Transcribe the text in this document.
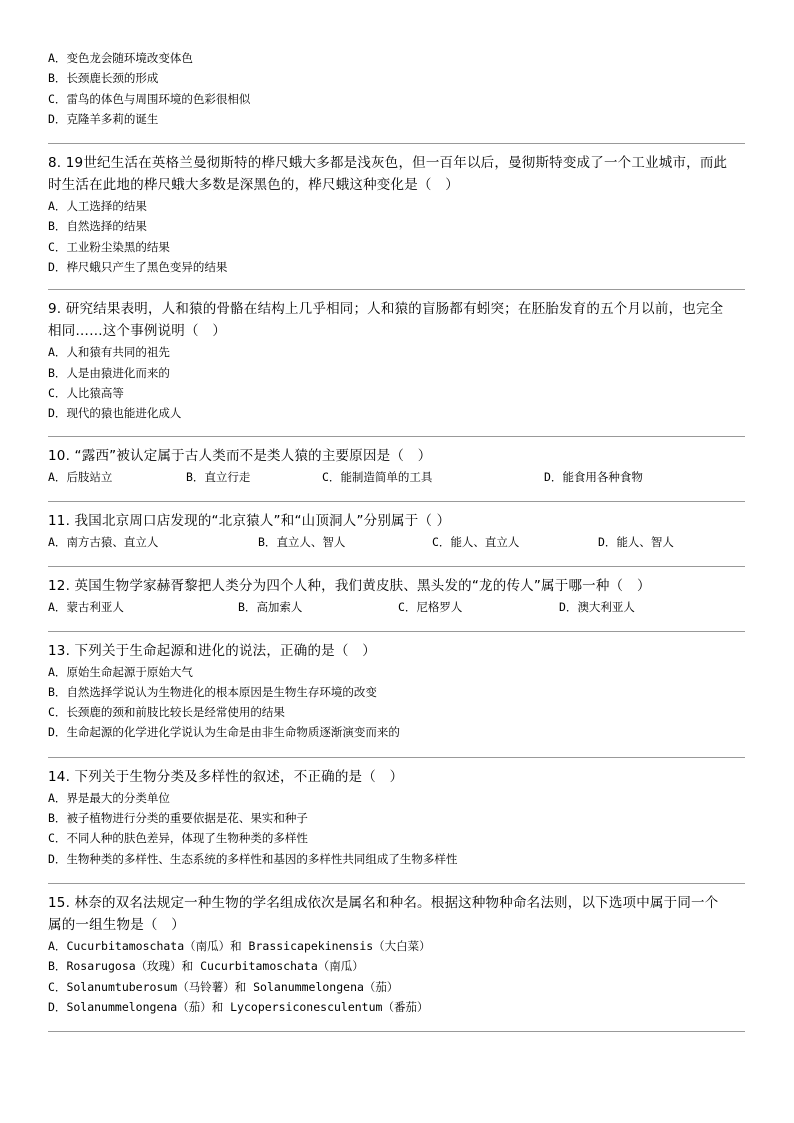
A．变色龙会随环境改变体色
B．长颈鹿长颈的形成
C．雷鸟的体色与周围环境的色彩很相似
D．克隆羊多莉的诞生

8. 19世纪生活在英格兰曼彻斯特的桦尺蛾大多都是浅灰色，但一百年以后，曼彻斯特变成了一个工业城市，而此

时生活在此地的桦尺蛾大多数是深黑色的，桦尺蛾这种变化是（　）

A．人工选择的结果
B．自然选择的结果
C．工业粉尘染黑的结果
D．桦尺蛾只产生了黑色变异的结果

9. 研究结果表明，人和猿的骨骼在结构上几乎相同；人和猿的盲肠都有蚓突；在胚胎发育的五个月以前，也完全

相同……这个事例说明（　）

A．人和猿有共同的祖先
B．人是由猿进化而来的
C．人比猿高等
D．现代的猿也能进化成人

10. “露西”被认定属于古人类而不是类人猿的主要原因是（　）

A．后肢站立	B．直立行走	C．能制造简单的工具	D．能食用各种食物

11. 我国北京周口店发现的“北京猿人”和“山顶洞人”分别属于（ ）

A．南方古猿、直立人	B．直立人、智人	C．能人、直立人	D．能人、智人

12. 英国生物学家赫胥黎把人类分为四个人种，我们黄皮肤、黑头发的“龙的传人”属于哪一种（　）

A．蒙古利亚人	B．高加索人	C．尼格罗人	D．澳大利亚人

13. 下列关于生命起源和进化的说法，正确的是（　）

A．原始生命起源于原始大气
B．自然选择学说认为生物进化的根本原因是生物生存环境的改变
C．长颈鹿的颈和前肢比较长是经常使用的结果
D．生命起源的化学进化学说认为生命是由非生命物质逐渐演变而来的

14. 下列关于生物分类及多样性的叙述，不正确的是（　）

A．界是最大的分类单位
B．被子植物进行分类的重要依据是花、果实和种子
C．不同人种的肤色差异，体现了生物种类的多样性
D．生物种类的多样性、生态系统的多样性和基因的多样性共同组成了生物多样性

15. 林奈的双名法规定一种生物的学名组成依次是属名和种名。根据这种物种命名法则，以下选项中属于同一个

属的一组生物是（　）

A．Cucurbitamoschata（南瓜）和 Brassicapekinensis（大白菜）
B．Rosarugosa（玫瑰）和 Cucurbitamoschata（南瓜）
C．Solanumtuberosum（马铃薯）和 Solanummelongena（茄）
D．Solanummelongena（茄）和 Lycopersiconesculentum（番茄）
